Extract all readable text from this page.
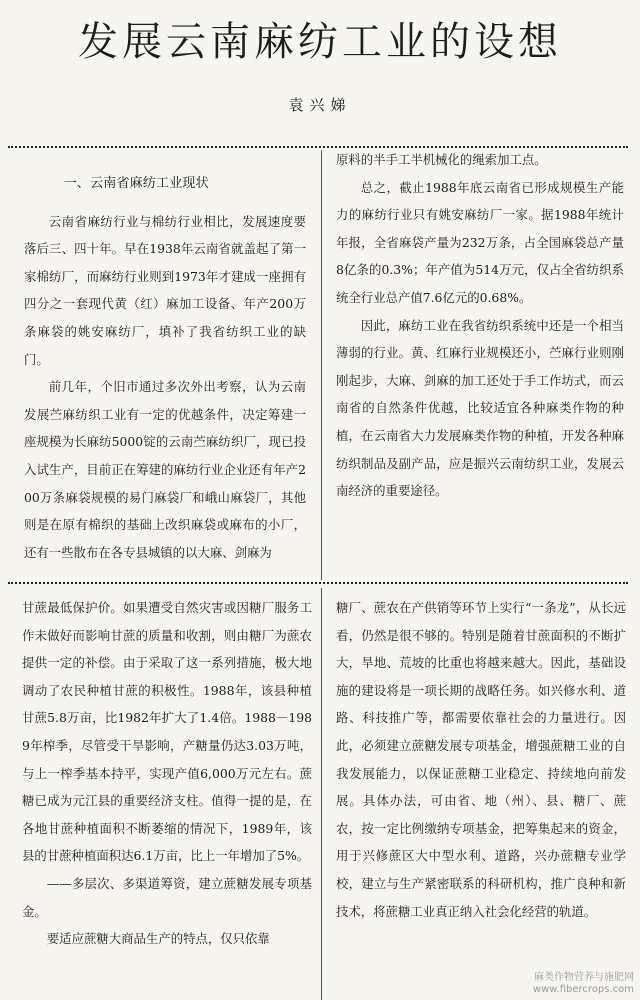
发展云南麻纺工业的设想
袁兴娣

一、云南省麻纺工业现状

云南省麻纺行业与棉纺行业相比，发展速度要落后三、四十年。早在1938年云南省就盖起了第一家棉纺厂，而麻纺行业则到1973年才建成一座拥有四分之一套现代黄（红）麻加工设备、年产200万条麻袋的姚安麻纺厂，填补了我省纺织工业的缺门。

前几年，个旧市通过多次外出考察，认为云南发展苎麻纺织工业有一定的优越条件，决定筹建一座规模为长麻纺5000锭的云南苎麻纺织厂，现已投入试生产，目前正在筹建的麻纺行业企业还有年产200万条麻袋规模的易门麻袋厂和峨山麻袋厂，其他则是在原有棉织的基础上改织麻袋或麻布的小厂，还有一些散布在各专县城镇的以大麻、剑麻为

原料的半手工半机械化的绳索加工点。

总之，截止1988年底云南省已形成规模生产能力的麻纺行业只有姚安麻纺厂一家。据1988年统计年报，全省麻袋产量为232万条，占全国麻袋总产量8亿条的0.3%；年产值为514万元，仅占全省纺织系统全行业总产值7.6亿元的0.68%。

因此，麻纺工业在我省纺织系统中还是一个相当薄弱的行业。黄、红麻行业规模还小，苎麻行业则刚刚起步，大麻、剑麻的加工还处于手工作坊式，而云南省的自然条件优越，比较适宜各种麻类作物的种植，在云南省大力发展麻类作物的种植，开发各种麻纺织制品及副产品，应是振兴云南纺织工业，发展云南经济的重要途径。

甘蔗最低保护价。如果遭受自然灾害或因糖厂服务工作未做好而影响甘蔗的质量和收割，则由糖厂为蔗农提供一定的补偿。由于采取了这一系列措施，极大地调动了农民种植甘蔗的积极性。1988年，该县种植甘蔗5.8万亩，比1982年扩大了1.4倍。1988－1989年榨季，尽管受干旱影响，产糖量仍达3.03万吨，与上一榨季基本持平，实现产值6,000万元左右。蔗糖已成为元江县的重要经济支柱。值得一提的是，在各地甘蔗种植面积不断萎缩的情况下，1989年，该县的甘蔗种植面积达6.1万亩，比上一年增加了5%。

——多层次、多渠道筹资，建立蔗糖发展专项基金。

要适应蔗糖大商品生产的特点，仅只依靠

糖厂、蔗农在产供销等环节上实行“一条龙”，从长远看，仍然是很不够的。特别是随着甘蔗面积的不断扩大，旱地、荒坡的比重也将越来越大。因此，基础设施的建设将是一项长期的战略任务。如兴修水利、道路、科技推广等，都需要依靠社会的力量进行。因此，必须建立蔗糖发展专项基金，增强蔗糖工业的自我发展能力，以保证蔗糖工业稳定、持续地向前发展。具体办法，可由省、地（州）、县、糖厂、蔗农，按一定比例缴纳专项基金，把筹集起来的资金，用于兴修蔗区大中型水利、道路，兴办蔗糖专业学校，建立与生产紧密联系的科研机构，推广良种和新技术，将蔗糖工业真正纳入社会化经营的轨道。

麻类作物营养与施肥网
www.fibercrops.com
